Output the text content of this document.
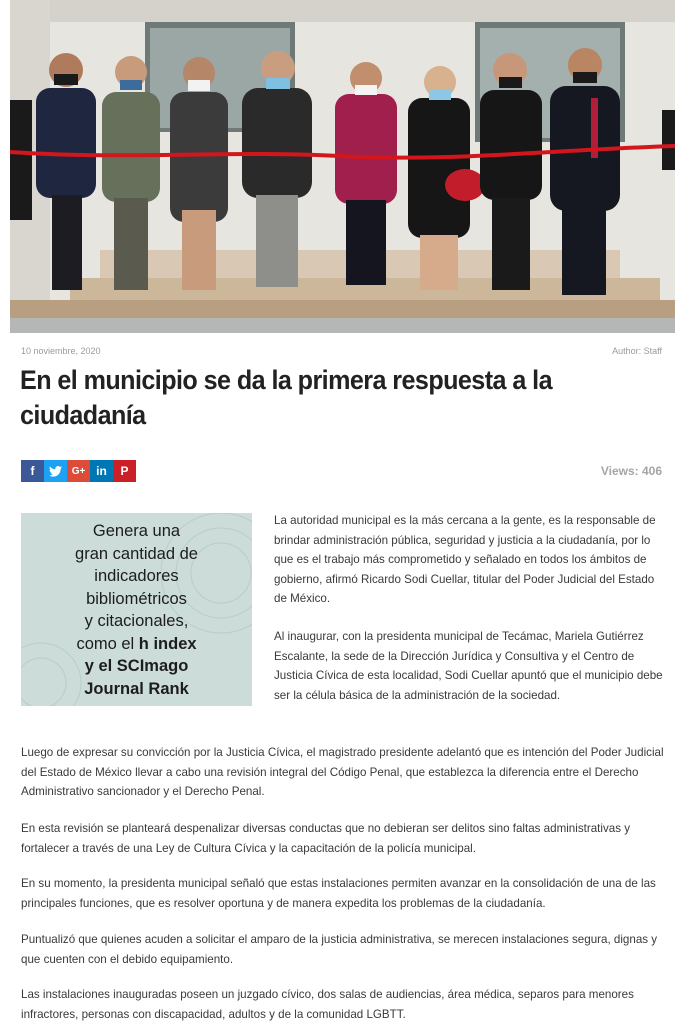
10 noviembre, 2020	Author: Staff
En el municipio se da la primera respuesta a la ciudadanía
f	G+ in	P	Views: 406
Genera una
gran cantidad de
indicadores
bibliométricos
y citacionales,
como el h index
y el SCImago
Journal Rank

La autoridad municipal es la más cercana a la gente, es la responsable de brindar administración pública, seguridad y justicia a la ciudadanía, por lo que es el trabajo más comprometido y señalado en todos los ámbitos de gobierno, afirmó Ricardo Sodi Cuellar, titular del Poder Judicial del Estado de México.

Al inaugurar, con la presidenta municipal de Tecámac, Mariela Gutiérrez Escalante, la sede de la Dirección Jurídica y Consultiva y el Centro de Justicia Cívica de esta localidad, Sodi Cuellar apuntó que el municipio debe ser la célula básica de la administración de la sociedad.

Luego de expresar su convicción por la Justicia Cívica, el magistrado presidente adelantó que es intención del Poder Judicial del Estado de México llevar a cabo una revisión integral del Código Penal, que establezca la diferencia entre el Derecho Administrativo sancionador y el Derecho Penal.

En esta revisión se planteará despenalizar diversas conductas que no debieran ser delitos sino faltas administrativas y fortalecer a través de una Ley de Cultura Cívica y la capacitación de la policía municipal.

En su momento, la presidenta municipal señaló que estas instalaciones permiten avanzar en la consolidación de una de las principales funciones, que es resolver oportuna y de manera expedita los problemas de la ciudadanía.

Puntualizó que quienes acuden a solicitar el amparo de la justicia administrativa, se merecen instalaciones segura, dignas y que cuenten con el debido equipamiento.

Las instalaciones inauguradas poseen un juzgado cívico, dos salas de audiencias, área médica, separos para menores infractores, personas con discapacidad, adultos y de la comunidad LGBTT.
